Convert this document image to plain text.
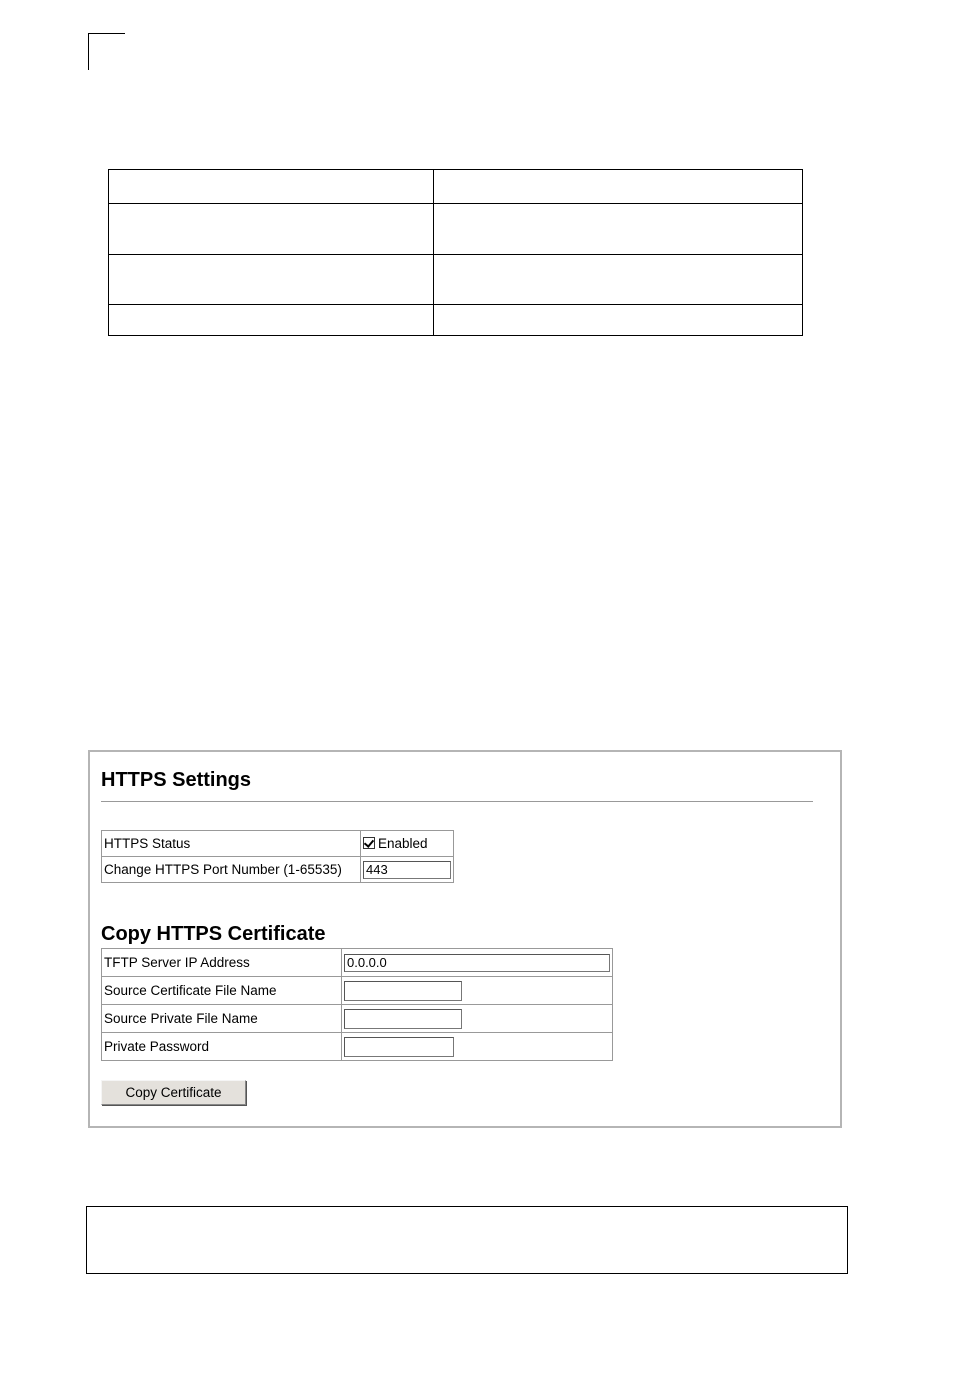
HTTPS Settings
HTTPS Status	Enabled
Change HTTPS Port Number (1-65535)	443
Copy HTTPS Certificate
TFTP Server IP Address	0.0.0.0
Source Certificate File Name	
Source Private File Name	
Private Password	
Copy Certificate
